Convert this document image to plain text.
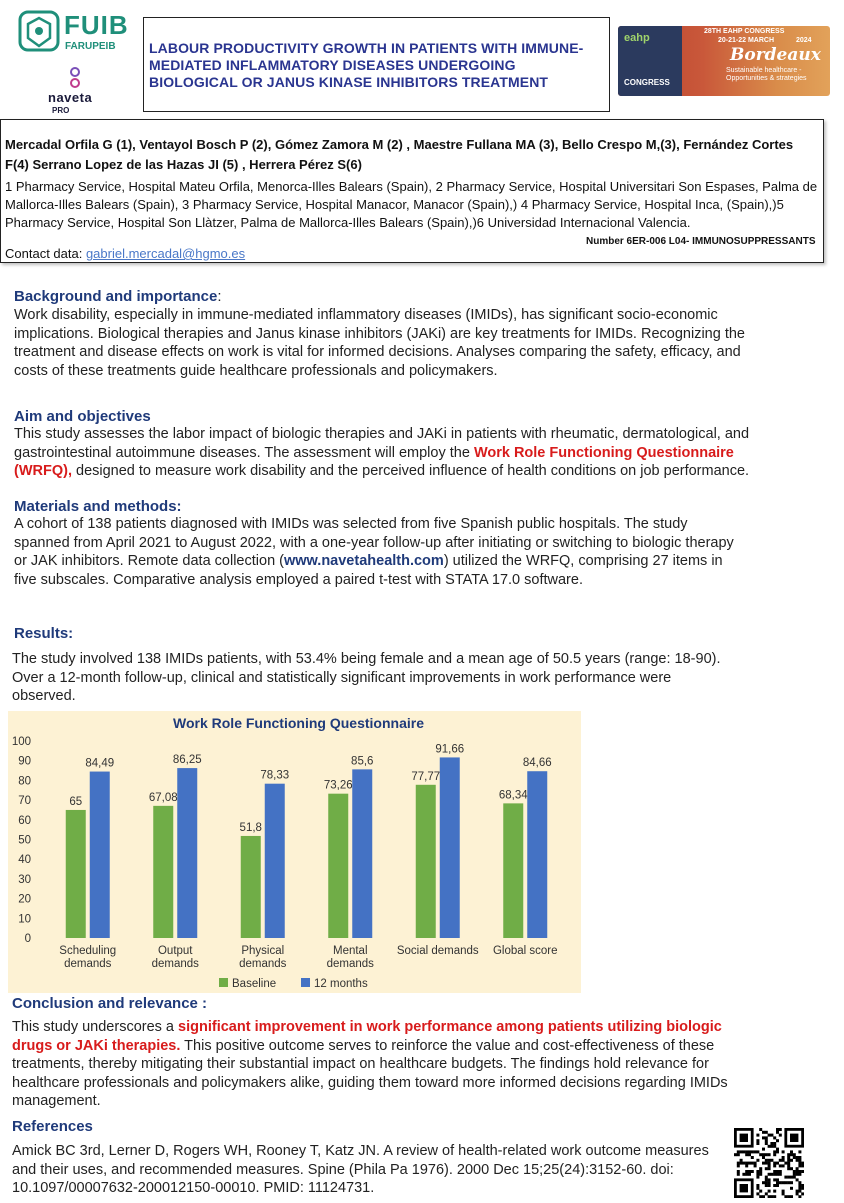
FUIB
FARUPEIB
naveta
PRO
eahp
CONGRESS
28TH EAHP CONGRESS
20-21-22 MARCH	2024
Bordeaux
Sustainable healthcare - Opportunities & strategies
LABOUR PRODUCTIVITY GROWTH IN PATIENTS WITH IMMUNE-MEDIATED INFLAMMATORY DISEASES UNDERGOING BIOLOGICAL OR JANUS KINASE INHIBITORS TREATMENT

Mercadal Orfila G (1), Ventayol Bosch P (2), Gómez Zamora M (2) , Maestre Fullana MA (3), Bello Crespo M,(3), Fernández Cortes F(4) Serrano Lopez de las Hazas JI (5) , Herrera Pérez S(6)

1 Pharmacy Service, Hospital Mateu Orfila, Menorca-Illes Balears (Spain), 2 Pharmacy Service, Hospital Universitari Son Espases, Palma de Mallorca-Illes Balears (Spain), 3 Pharmacy Service, Hospital Manacor, Manacor (Spain),) 4 Pharmacy Service, Hospital Inca, (Spain),)5 Pharmacy Service, Hospital Son Llàtzer, Palma de Mallorca-Illes Balears (Spain),)6 Universidad Internacional Valencia.

Contact data: gabriel.mercadal@hgmo.es
Number 6ER-006 L04- IMMUNOSUPPRESSANTS
Background and importance:

Work disability, especially in immune-mediated inflammatory diseases (IMIDs), has significant socio-economic implications. Biological therapies and Janus kinase inhibitors (JAKi) are key treatments for IMIDs. Recognizing the treatment and disease effects on work is vital for informed decisions. Analyses comparing the safety, efficacy, and costs of these treatments guide healthcare professionals and policymakers.

Aim and objectives

This study assesses the labor impact of biologic therapies and JAKi in patients with rheumatic, dermatological, and gastrointestinal autoimmune diseases. The assessment will employ the Work Role Functioning Questionnaire (WRFQ), designed to measure work disability and the perceived influence of health conditions on job performance.

Materials and methods:

A cohort of 138 patients diagnosed with IMIDs was selected from five Spanish public hospitals. The study spanned from April 2021 to August 2022, with a one-year follow-up after initiating or switching to biologic therapy or JAK inhibitors. Remote data collection (www.navetahealth.com) utilized the WRFQ, comprising 27 items in five subscales. Comparative analysis employed a paired t-test with STATA 17.0 software.

Results:

The study involved 138 IMIDs patients, with 53.4% being female and a mean age of 50.5 years (range: 18-90). Over a 12-month follow-up, clinical and statistically significant improvements in work performance were observed.

Work Role Functioning Questionnaire
0
10
20
30
40
50
60
70
80
90
100
65
84,49
Scheduling
demands
67,08
86,25
Output
demands
51,8
78,33
Physical
demands
73,26
85,6
Mental
demands
77,77
91,66
Social demands
68,34
84,66
Global score
Baseline	12 months
Conclusion and relevance :

This study underscores a significant improvement in work performance among patients utilizing biologic drugs or JAKi therapies. This positive outcome serves to reinforce the value and cost-effectiveness of these treatments, thereby mitigating their substantial impact on healthcare budgets. The findings hold relevance for healthcare professionals and policymakers alike, guiding them toward more informed decisions regarding IMIDs management.

References

Amick BC 3rd, Lerner D, Rogers WH, Rooney T, Katz JN. A review of health-related work outcome measures and their uses, and recommended measures. Spine (Phila Pa 1976). 2000 Dec 15;25(24):3152-60. doi: 10.1097/00007632-200012150-00010. PMID: 11124731.
